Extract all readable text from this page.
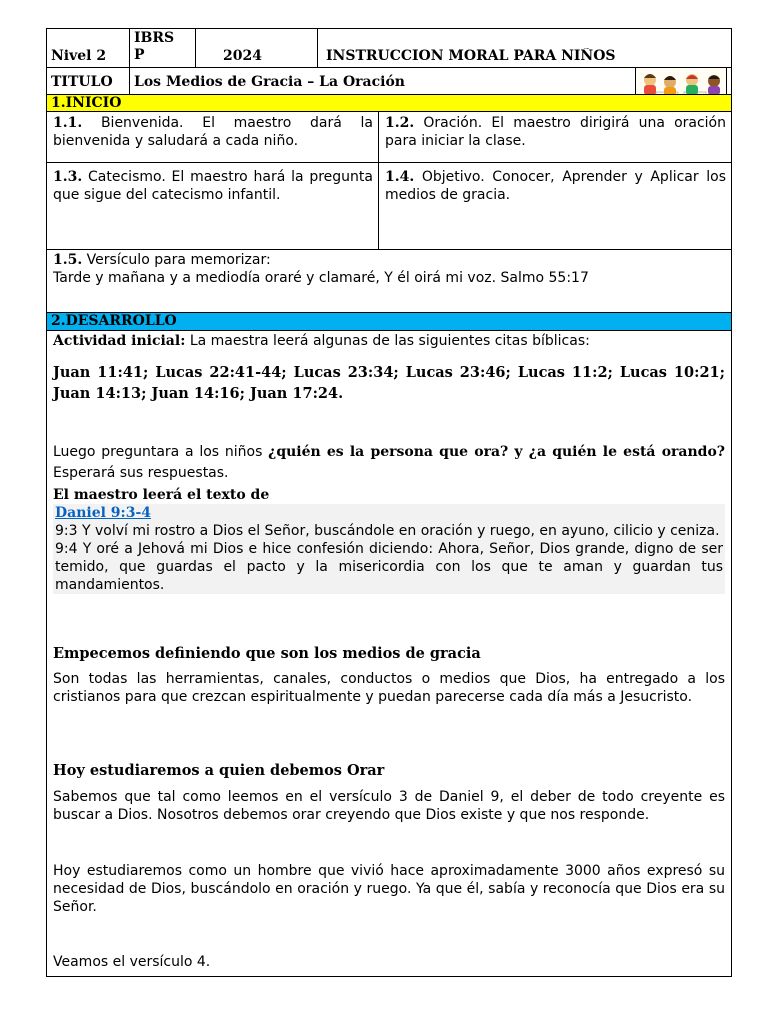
Nivel 2
IBRS
P	2024	INSTRUCCION MORAL PARA NIÑOS
TITULO Los Medios de Gracia – La Oración
1.INICIO
1.1. Bienvenida. El maestro dará la bienvenida y saludará a cada niño.
1.2. Oración. El maestro dirigirá una oración para iniciar la clase.
1.3. Catecismo. El maestro hará la pregunta que sigue del catecismo infantil.
1.4. Objetivo. Conocer, Aprender y Aplicar los medios de gracia.
1.5. Versículo para memorizar:
Tarde y mañana y a mediodía oraré y clamaré, Y él oirá mi voz. Salmo 55:17
2.DESARROLLO
Actividad inicial: La maestra leerá algunas de las siguientes citas bíblicas:
Juan 11:41; Lucas 22:41-44; Lucas 23:34; Lucas 23:46; Lucas 11:2; Lucas 10:21; Juan 14:13; Juan 14:16; Juan 17:24.
Luego preguntara a los niños ¿quién es la persona que ora? y ¿a quién le está orando? Esperará sus respuestas.
El maestro leerá el texto de
Daniel 9:3-4
9:3 Y volví mi rostro a Dios el Señor, buscándole en oración y ruego, en ayuno, cilicio y ceniza.
9:4 Y oré a Jehová mi Dios e hice confesión diciendo: Ahora, Señor, Dios grande, digno de ser temido, que guardas el pacto y la misericordia con los que te aman y guardan tus mandamientos.
Empecemos definiendo que son los medios de gracia
Son todas las herramientas, canales, conductos o medios que Dios, ha entregado a los cristianos para que crezcan espiritualmente y puedan parecerse cada día más a Jesucristo.
Hoy estudiaremos a quien debemos Orar
Sabemos que tal como leemos en el versículo 3 de Daniel 9, el deber de todo creyente es buscar a Dios. Nosotros debemos orar creyendo que Dios existe y que nos responde.
Hoy estudiaremos como un hombre que vivió hace aproximadamente 3000 años expresó su necesidad de Dios, buscándolo en oración y ruego. Ya que él, sabía y reconocía que Dios era su Señor.
Veamos el versículo 4.
